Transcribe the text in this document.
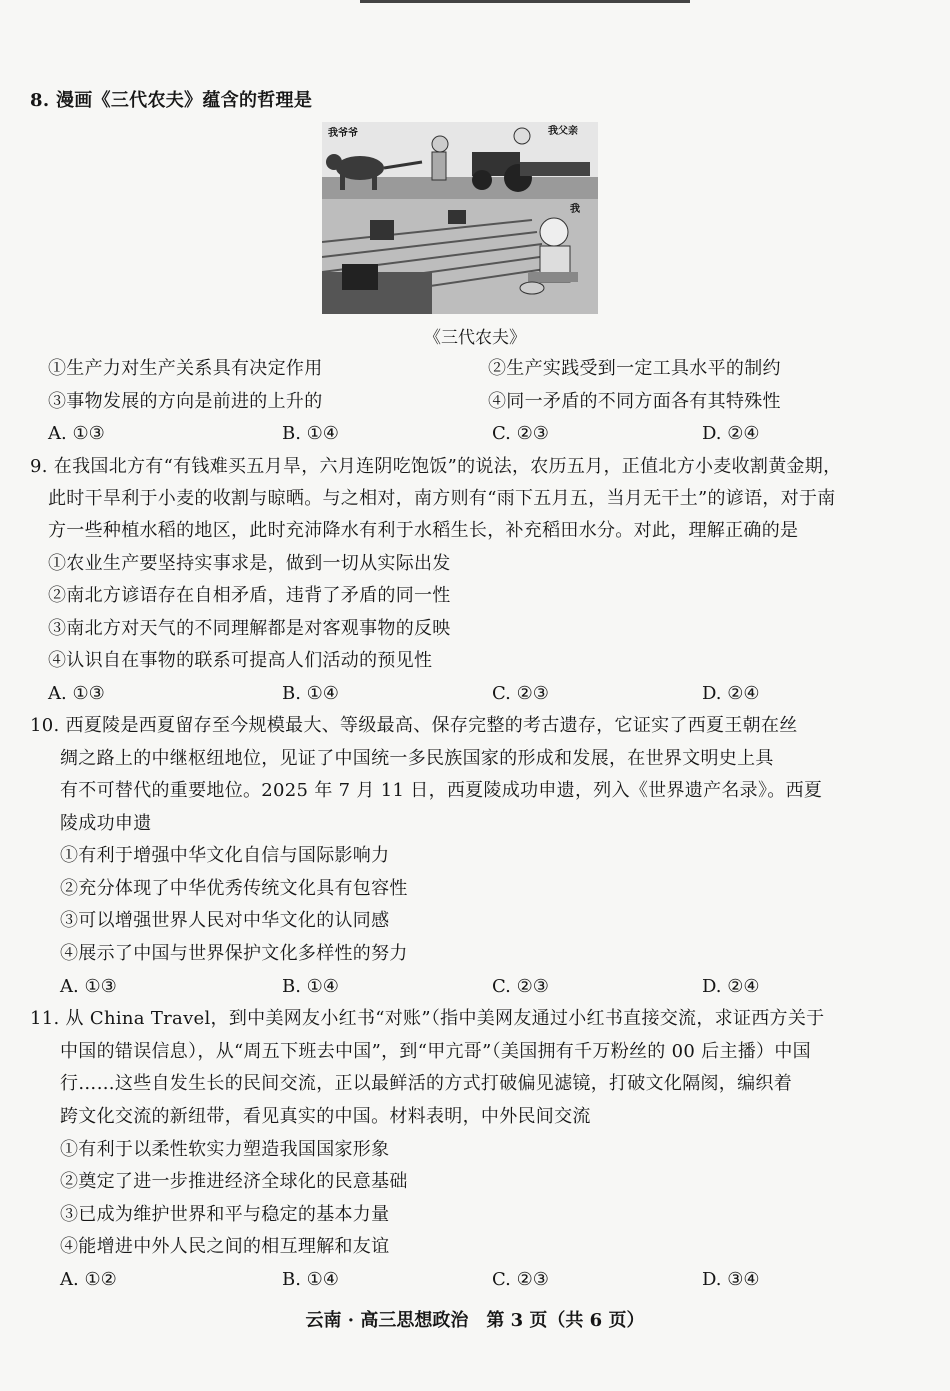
8. 漫画《三代农夫》蕴含的哲理是
我爷爷	我父亲
我
《三代农夫》
①生产力对生产关系具有决定作用	②生产实践受到一定工具水平的制约
③事物发展的方向是前进的上升的	④同一矛盾的不同方面各有其特殊性
A. ①③	B. ①④	C. ②③	D. ②④
9. 在我国北方有“有钱难买五月旱，六月连阴吃饱饭”的说法，农历五月，正值北方小麦收割黄金期，
此时干旱利于小麦的收割与晾晒。与之相对，南方则有“雨下五月五，当月无干土”的谚语，对于南
方一些种植水稻的地区，此时充沛降水有利于水稻生长，补充稻田水分。对此，理解正确的是
①农业生产要坚持实事求是，做到一切从实际出发
②南北方谚语存在自相矛盾，违背了矛盾的同一性
③南北方对天气的不同理解都是对客观事物的反映
④认识自在事物的联系可提高人们活动的预见性
A. ①③	B. ①④	C. ②③	D. ②④
10. 西夏陵是西夏留存至今规模最大、等级最高、保存完整的考古遗存，它证实了西夏王朝在丝
绸之路上的中继枢纽地位，见证了中国统一多民族国家的形成和发展，在世界文明史上具
有不可替代的重要地位。2025 年 7 月 11 日，西夏陵成功申遗，列入《世界遗产名录》。西夏
陵成功申遗
①有利于增强中华文化自信与国际影响力
②充分体现了中华优秀传统文化具有包容性
③可以增强世界人民对中华文化的认同感
④展示了中国与世界保护文化多样性的努力
A. ①③	B. ①④	C. ②③	D. ②④
11. 从 China Travel，到中美网友小红书“对账”（指中美网友通过小红书直接交流，求证西方关于
中国的错误信息），从“周五下班去中国”，到“甲亢哥”（美国拥有千万粉丝的 00 后主播）中国
行……这些自发生长的民间交流，正以最鲜活的方式打破偏见滤镜，打破文化隔阂，编织着
跨文化交流的新纽带，看见真实的中国。材料表明，中外民间交流
①有利于以柔性软实力塑造我国国家形象
②奠定了进一步推进经济全球化的民意基础
③已成为维护世界和平与稳定的基本力量
④能增进中外人民之间的相互理解和友谊
A. ①②	B. ①④	C. ②③	D. ③④
云南 · 高三思想政治　第 3 页（共 6 页）
